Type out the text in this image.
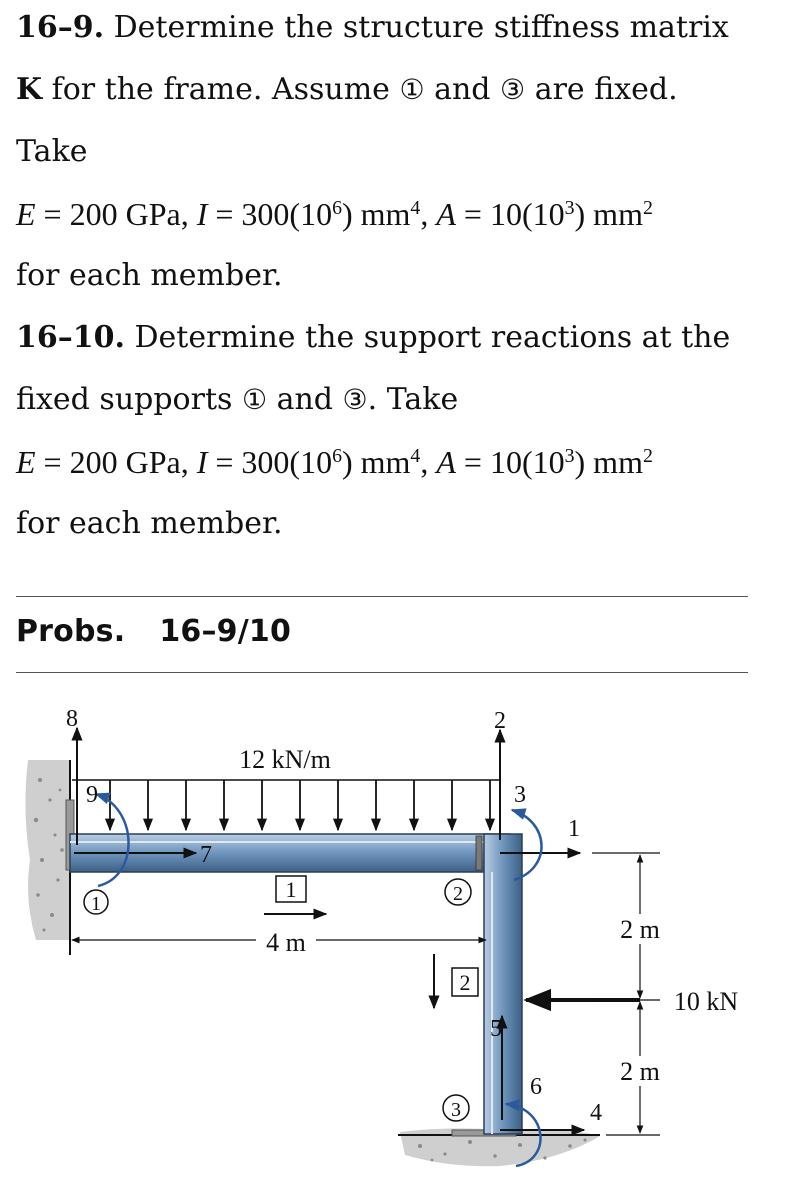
16–9. Determine the structure stiffness matrix
K for the frame. Assume ① and ③ are fixed.
Take
E = 200 GPa, $I = 300(10^6)$ $mm^4$, $A = 10(10^3)$ $mm^2$
for each member.
16–10. Determine the support reactions at the
fixed supports ① and ③. Take
E = 200 GPa, $I = 300(10^6)$ $mm^4$, $A = 10(10^3)$ $mm^2$
for each member.
Probs. 16–9/10
12 kN/m
8
7
9
1
1
4 m
2
2
1
3
2
10 kN
5
4
6
3
2 m
2 m
